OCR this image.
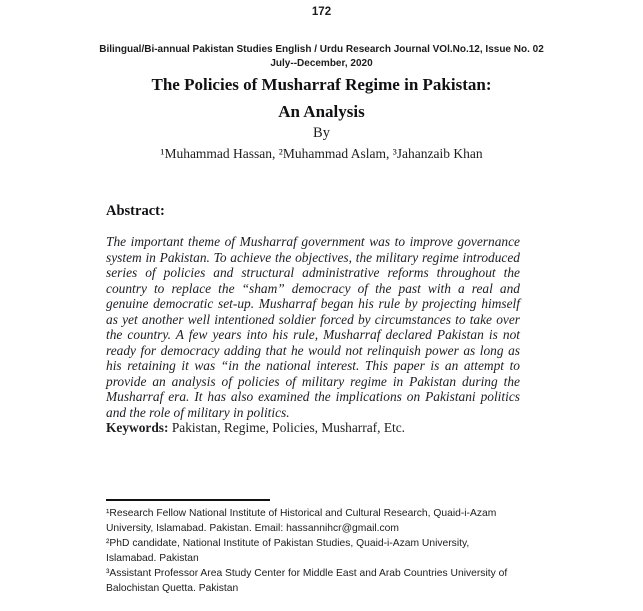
172
Bilingual/Bi-annual Pakistan Studies English / Urdu Research Journal VOl.No.12, Issue No. 02
July--December, 2020
The Policies of Musharraf Regime in Pakistan:
An Analysis
By
¹Muhammad Hassan, ²Muhammad Aslam, ³Jahanzaib Khan
Abstract:

The important theme of Musharraf government was to improve governance system in Pakistan. To achieve the objectives, the military regime introduced series of policies and structural administrative reforms throughout the country to replace the “sham” democracy of the past with a real and genuine democratic set-up. Musharraf began his rule by projecting himself as yet another well intentioned soldier forced by circumstances to take over the country. A few years into his rule, Musharraf declared Pakistan is not ready for democracy adding that he would not relinquish power as long as his retaining it was “in the national interest. This paper is an attempt to provide an analysis of policies of military regime in Pakistan during the Musharraf era. It has also examined the implications on Pakistani politics and the role of military in politics.

Keywords: Pakistan, Regime, Policies, Musharraf, Etc.

¹Research Fellow National Institute of Historical and Cultural Research, Quaid-i-Azam University, Islamabad. Pakistan. Email: hassannihcr@gmail.com

²PhD candidate, National Institute of Pakistan Studies, Quaid-i-Azam University, Islamabad. Pakistan

³Assistant Professor Area Study Center for Middle East and Arab Countries University of Balochistan Quetta. Pakistan
